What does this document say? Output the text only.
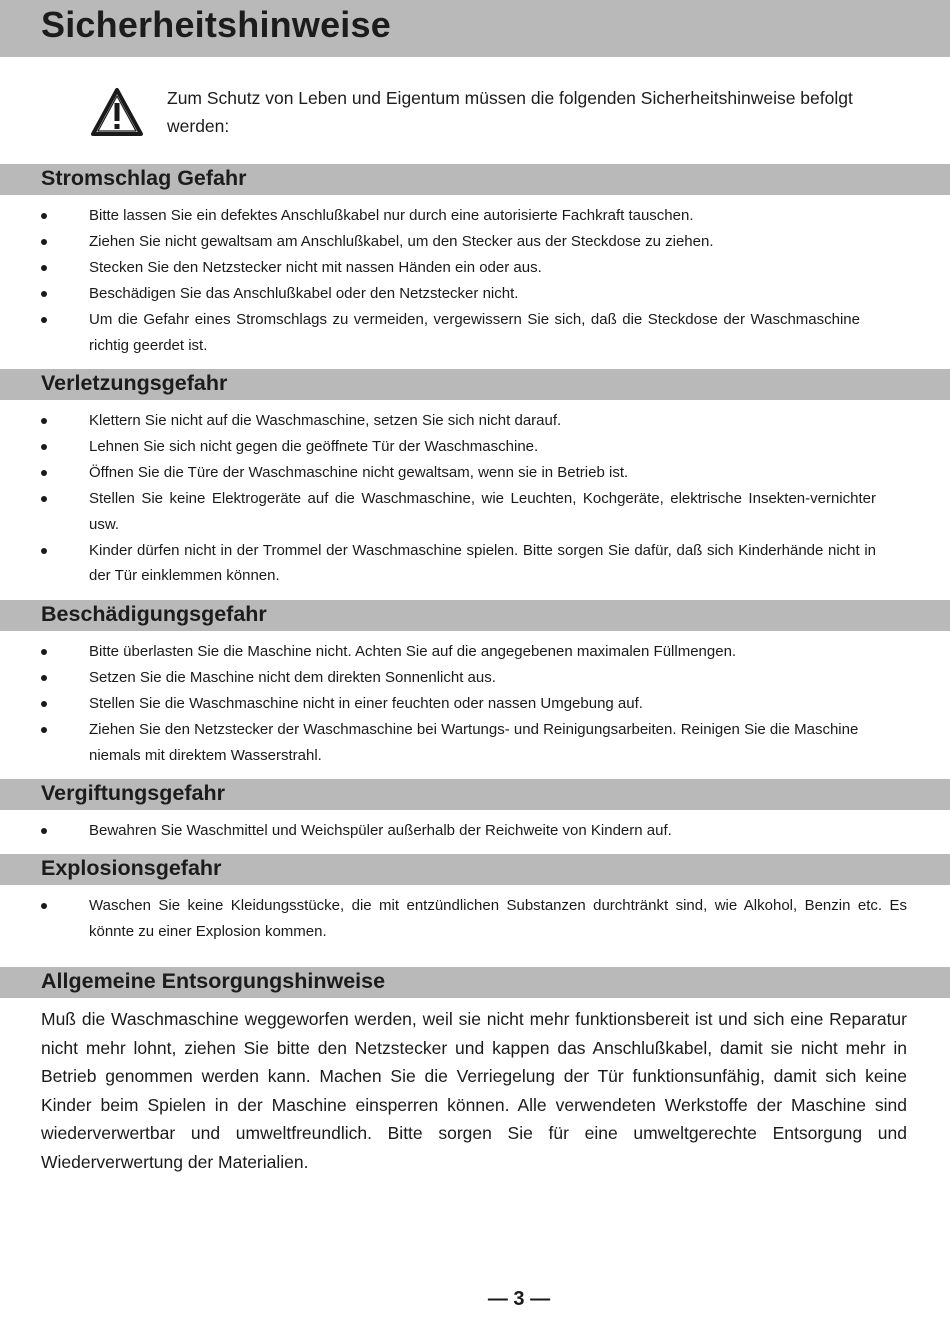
Sicherheitshinweise
Zum Schutz von Leben und Eigentum müssen die folgenden Sicherheitshinweise befolgt werden:
Stromschlag Gefahr
Bitte lassen Sie ein defektes Anschlußkabel nur durch eine autorisierte Fachkraft tauschen.
Ziehen Sie nicht gewaltsam am Anschlußkabel, um den Stecker aus der Steckdose zu ziehen.
Stecken Sie den Netzstecker nicht mit nassen Händen ein oder aus.
Beschädigen Sie das Anschlußkabel oder den Netzstecker nicht.
Um die Gefahr eines Stromschlags zu vermeiden, vergewissern Sie sich, daß die Steckdose der Waschmaschine richtig geerdet ist.
Verletzungsgefahr
Klettern Sie nicht auf die Waschmaschine, setzen Sie sich nicht darauf.
Lehnen Sie sich nicht gegen die geöffnete Tür der Waschmaschine.
Öffnen Sie die Türe der Waschmaschine nicht gewaltsam, wenn sie in Betrieb ist.
Stellen Sie keine Elektrogeräte auf die Waschmaschine, wie Leuchten, Kochgeräte, elektrische Insekten-vernichter usw.
Kinder dürfen nicht in der Trommel der Waschmaschine spielen. Bitte sorgen Sie dafür, daß sich Kinderhände nicht in der Tür einklemmen können.
Beschädigungsgefahr
Bitte überlasten Sie die Maschine nicht. Achten Sie auf die angegebenen maximalen Füllmengen.
Setzen Sie die Maschine nicht dem direkten Sonnenlicht aus.
Stellen Sie die Waschmaschine nicht in einer feuchten oder nassen Umgebung auf.
Ziehen Sie den Netzstecker der Waschmaschine bei Wartungs- und Reinigungsarbeiten. Reinigen Sie die Maschine niemals mit direktem Wasserstrahl.
Vergiftungsgefahr
Bewahren Sie Waschmittel und Weichspüler außerhalb der Reichweite von Kindern auf.
Explosionsgefahr
Waschen Sie keine Kleidungsstücke, die mit entzündlichen Substanzen durchtränkt sind, wie Alkohol, Benzin etc. Es könnte zu einer Explosion kommen.
Allgemeine Entsorgungshinweise

Muß die Waschmaschine weggeworfen werden, weil sie nicht mehr funktionsbereit ist und sich eine Reparatur nicht mehr lohnt, ziehen Sie bitte den Netzstecker und kappen das Anschlußkabel, damit sie nicht mehr in Betrieb genommen werden kann. Machen Sie die Verriegelung der Tür funktionsunfähig, damit sich keine Kinder beim Spielen in der Maschine einsperren können. Alle verwendeten Werkstoffe der Maschine sind wiederverwertbar und umweltfreundlich. Bitte sorgen Sie für eine umweltgerechte Entsorgung und Wiederverwertung der Materialien.

— 3 —
